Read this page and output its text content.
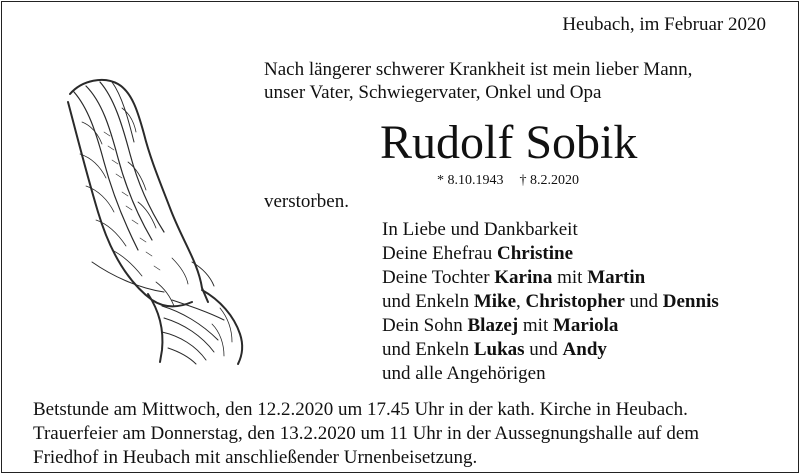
Heubach, im Februar 2020
Nach längerer schwerer Krankheit ist mein lieber Mann,
unser Vater, Schwiegervater, Onkel und Opa
Rudolf Sobik
* 8.10.1943 † 8.2.2020
verstorben.
In Liebe und Dankbarkeit
Deine Ehefrau Christine
Deine Tochter Karina mit Martin
und Enkeln Mike, Christopher und Dennis
Dein Sohn Blazej mit Mariola
und Enkeln Lukas und Andy
und alle Angehörigen
Betstunde am Mittwoch, den 12.2.2020 um 17.45 Uhr in der kath. Kirche in Heubach.
Trauerfeier am Donnerstag, den 13.2.2020 um 11 Uhr in der Aussegnungshalle auf dem
Friedhof in Heubach mit anschließender Urnenbeisetzung.
